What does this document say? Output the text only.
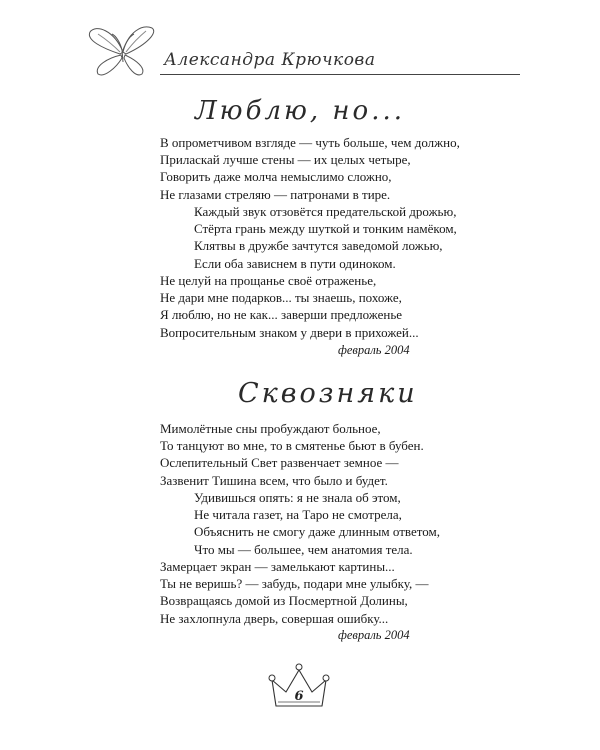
Александра Крючкова
Люблю, но...
В опрометчивом взгляде — чуть больше, чем должно,
Приласкай лучше стены — их целых четыре,
Говорить даже молча немыслимо сложно,
Не глазами стреляю — патронами в тире.
Каждый звук отзовётся предательской дрожью,
Стёрта грань между шуткой и тонким намёком,
Клятвы в дружбе зачтутся заведомой ложью,
Если оба зависнем в пути одиноком.
Не целуй на прощанье своё отраженье,
Не дари мне подарков... ты знаешь, похоже,
Я люблю, но не как... заверши предложенье
Вопросительным знаком у двери в прихожей...
февраль 2004
Сквозняки
Мимолётные сны пробуждают больное,
То танцуют во мне, то в смятенье бьют в бубен.
Ослепительный Свет развенчает земное —
Зазвенит Тишина всем, что было и будет.
Удивишься опять: я не знала об этом,
Не читала газет, на Таро не смотрела,
Объяснить не смогу даже длинным ответом,
Что мы — большее, чем анатомия тела.
Замерцает экран — замелькают картины...
Ты не веришь? — забудь, подари мне улыбку, —
Возвращаясь домой из Посмертной Долины,
Не захлопнула дверь, совершая ошибку...
февраль 2004
6
